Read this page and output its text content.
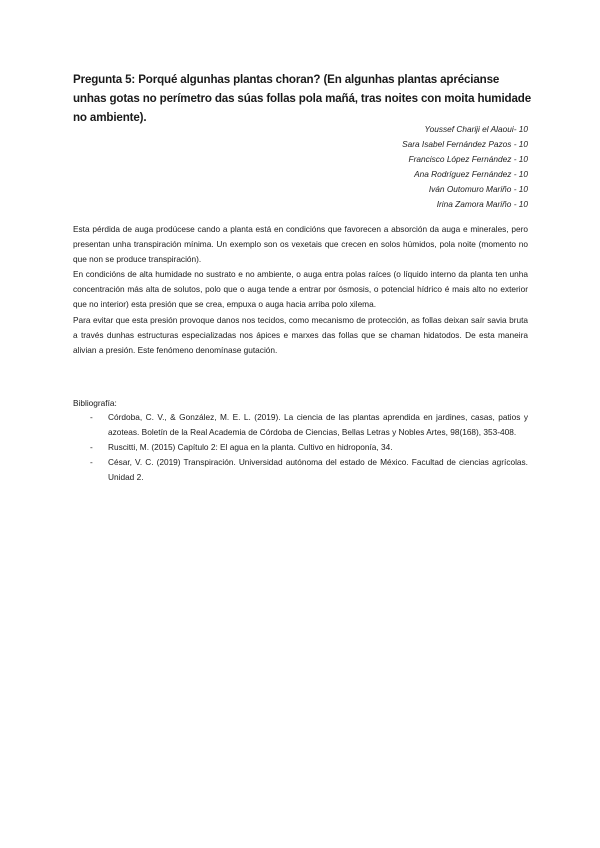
Pregunta 5: Porqué algunhas plantas choran? (En algunhas plantas aprécianse unhas gotas no perímetro das súas follas pola mañá, tras noites con moita humidade no ambiente).

Youssef Chariji el Alaoui- 10
Sara Isabel Fernández Pazos - 10
Francisco López Fernández - 10
Ana Rodríguez Fernández - 10
Iván Outomuro Mariño - 10
Irina Zamora Mariño - 10

Esta pérdida de auga prodúcese cando a planta está en condicións que favorecen a absorción da auga e minerales, pero presentan unha transpiración mínima. Un exemplo son os vexetais que crecen en solos húmidos, pola noite (momento no que non se produce transpiración).

En condicións de alta humidade no sustrato e no ambiente, o auga entra polas raíces (o líquido interno da planta ten unha concentración más alta de solutos, polo que o auga tende a entrar por ósmosis, o potencial hídrico é mais alto no exterior que no interior) esta presión que se crea, empuxa o auga hacia arriba polo xilema.

Para evitar que esta presión provoque danos nos tecidos, como mecanismo de protección, as follas deixan saír savia bruta a través dunhas estructuras especializadas nos ápices e marxes das follas que se chaman hidatodos. De esta maneira alivian a presión. Este fenómeno denomínase gutación.

Bibliografía:
- Córdoba, C. V., & González, M. E. L. (2019). La ciencia de las plantas aprendida en jardines, casas, patios y azoteas. Boletín de la Real Academia de Córdoba de Ciencias, Bellas Letras y Nobles Artes, 98(168), 353-408.
- Ruscitti, M. (2015) Capítulo 2: El agua en la planta. Cultivo en hidroponía, 34.
- César, V. C. (2019) Transpiración. Universidad autónoma del estado de México. Facultad de ciencias agrícolas. Unidad 2.
